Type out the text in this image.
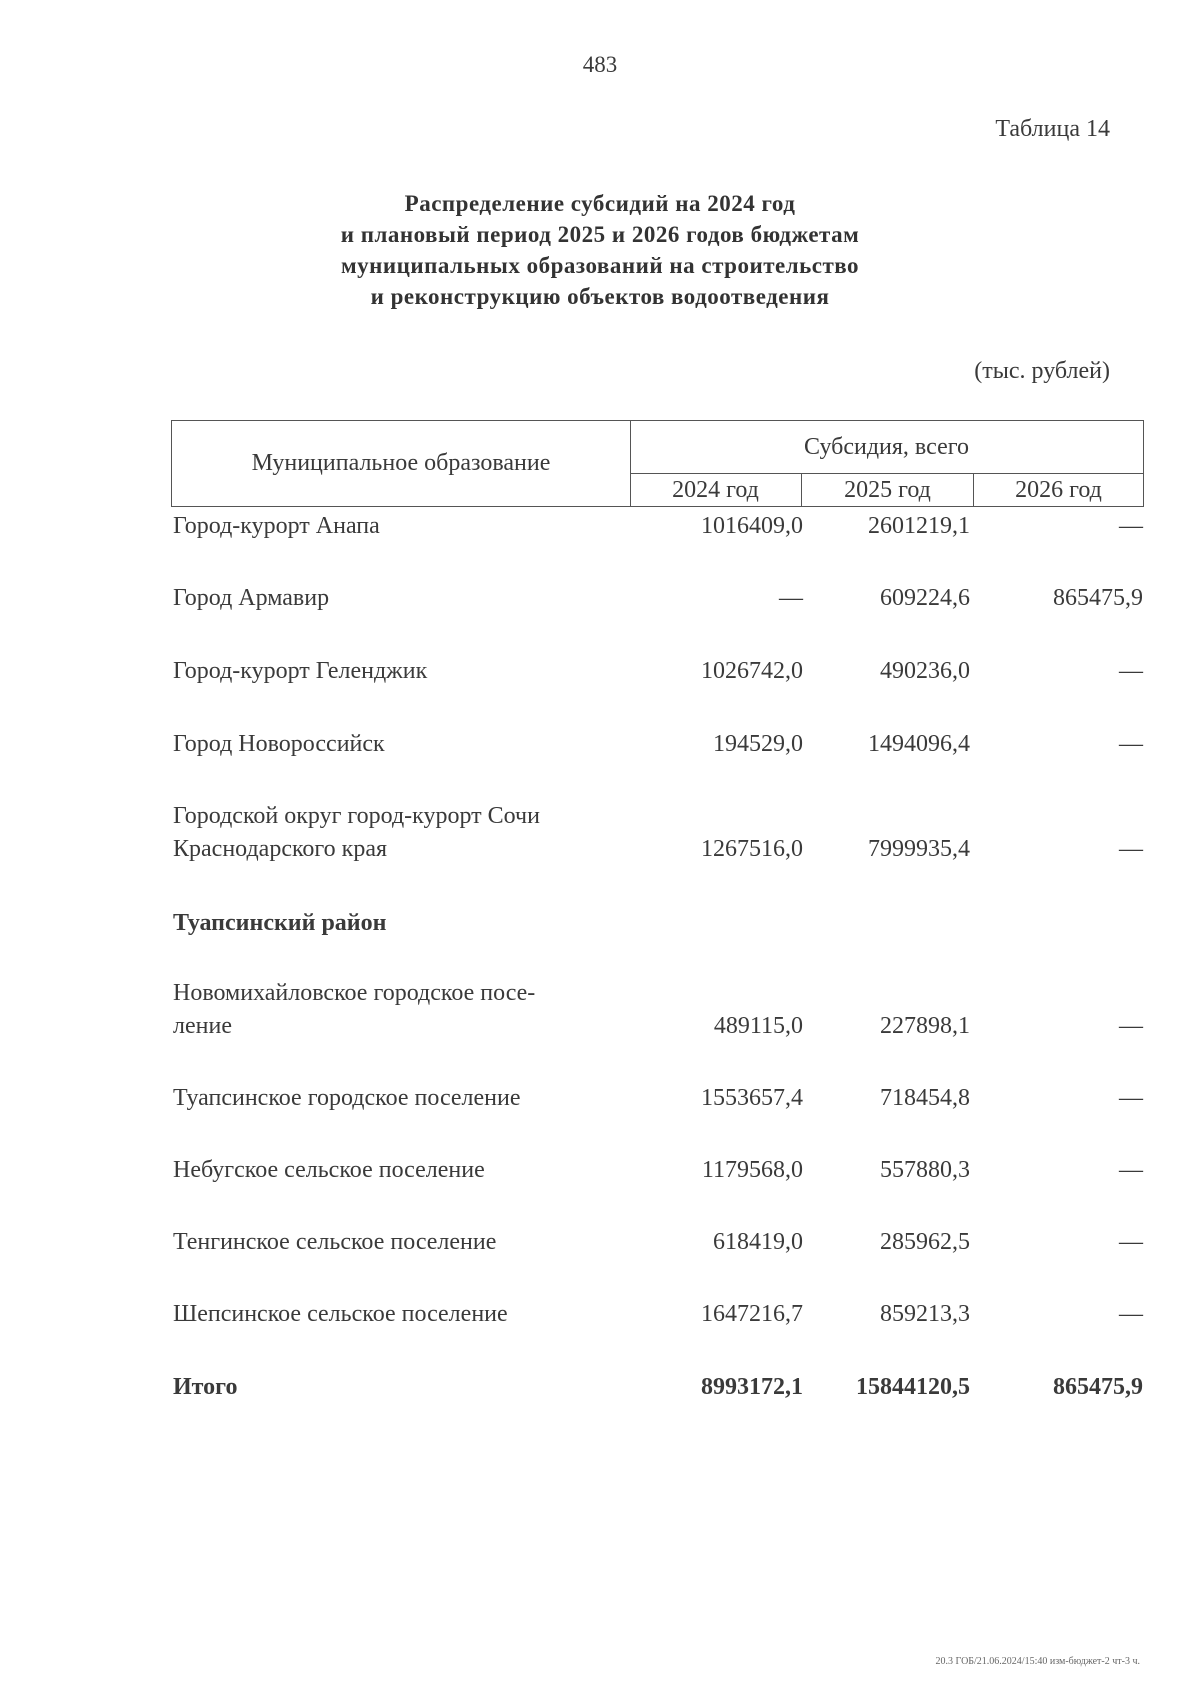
483
Таблица 14
Распределение субсидий на 2024 год
и плановый период 2025 и 2026 годов бюджетам
муниципальных образований на строительство
и реконструкцию объектов водоотведения
(тыс. рублей)
Муниципальное образование
Субсидия, всего
2024 год	2025 год	2026 год
Город-курорт Анапа	1016409,0	2601219,1	—
Город Армавир	—	609224,6	865475,9
Город-курорт Геленджик	1026742,0	490236,0	—
Город Новороссийск	194529,0	1494096,4	—
Городской округ город-курорт Сочи
Краснодарского края	1267516,0	7999935,4	—
Туапсинский район
Новомихайловское городское посе-
ление	489115,0	227898,1	—
Туапсинское городское поселение	1553657,4	718454,8	—
Небугское сельское поселение	1179568,0	557880,3	—
Тенгинское сельское поселение	618419,0	285962,5	—
Шепсинское сельское поселение	1647216,7	859213,3	—
Итого	8993172,1	15844120,5	865475,9
20.3 ГОБ/21.06.2024/15:40 изм-бюджет-2 чт-3 ч.
